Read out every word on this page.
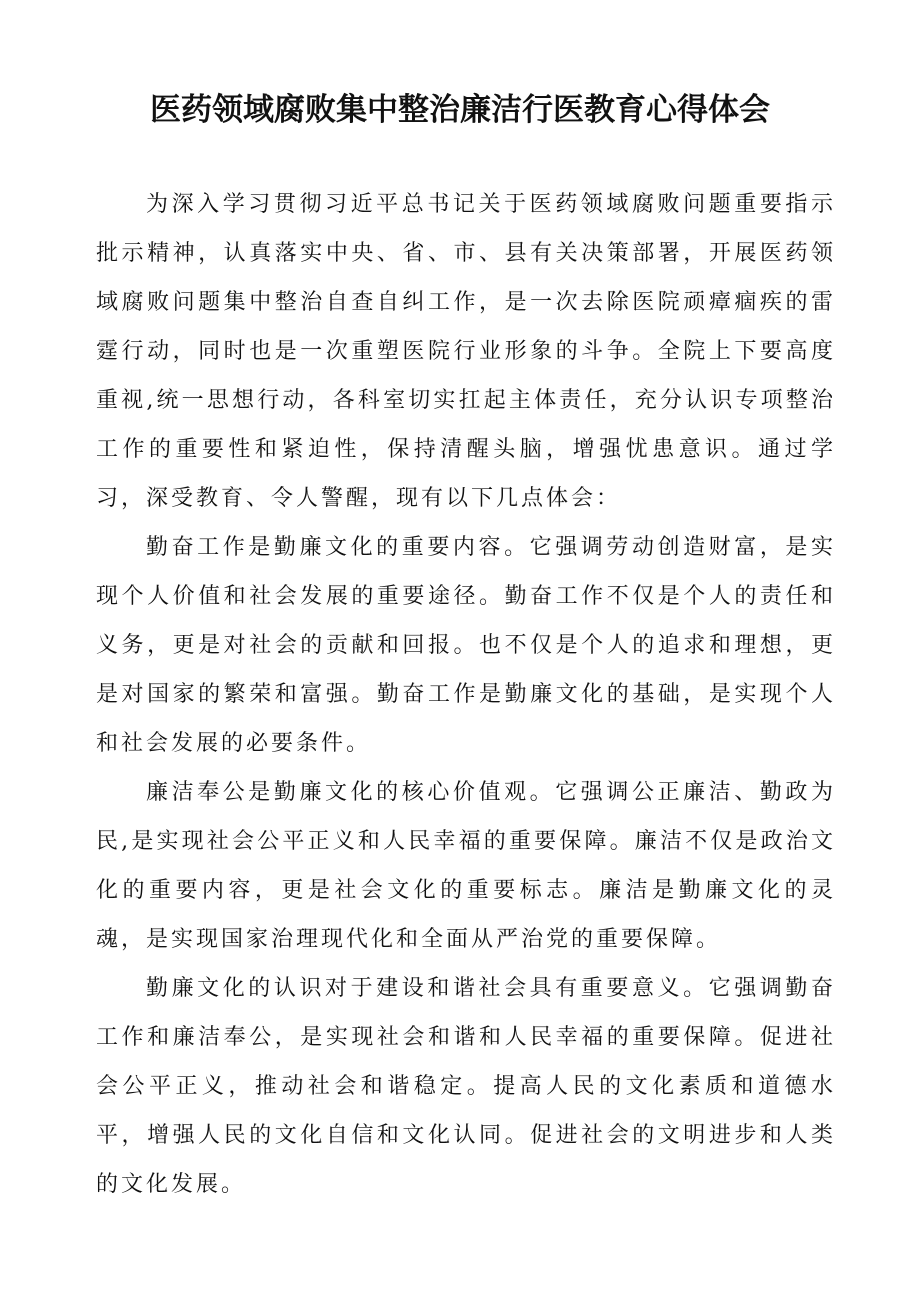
医药领域腐败集中整治廉洁行医教育心得体会

为深入学习贯彻习近平总书记关于医药领域腐败问题重要指示批示精神，认真落实中央、省、市、县有关决策部署，开展医药领域腐败问题集中整治自查自纠工作，是一次去除医院顽瘴痼疾的雷霆行动，同时也是一次重塑医院行业形象的斗争。全院上下要高度重视,统一思想行动，各科室切实扛起主体责任，充分认识专项整治工作的重要性和紧迫性，保持清醒头脑，增强忧患意识。通过学习，深受教育、令人警醒，现有以下几点体会：

勤奋工作是勤廉文化的重要内容。它强调劳动创造财富，是实现个人价值和社会发展的重要途径。勤奋工作不仅是个人的责任和义务，更是对社会的贡献和回报。也不仅是个人的追求和理想，更是对国家的繁荣和富强。勤奋工作是勤廉文化的基础，是实现个人和社会发展的必要条件。

廉洁奉公是勤廉文化的核心价值观。它强调公正廉洁、勤政为民,是实现社会公平正义和人民幸福的重要保障。廉洁不仅是政治文化的重要内容，更是社会文化的重要标志。廉洁是勤廉文化的灵魂，是实现国家治理现代化和全面从严治党的重要保障。

勤廉文化的认识对于建设和谐社会具有重要意义。它强调勤奋工作和廉洁奉公，是实现社会和谐和人民幸福的重要保障。促进社会公平正义，推动社会和谐稳定。提高人民的文化素质和道德水平，增强人民的文化自信和文化认同。促进社会的文明进步和人类的文化发展。
